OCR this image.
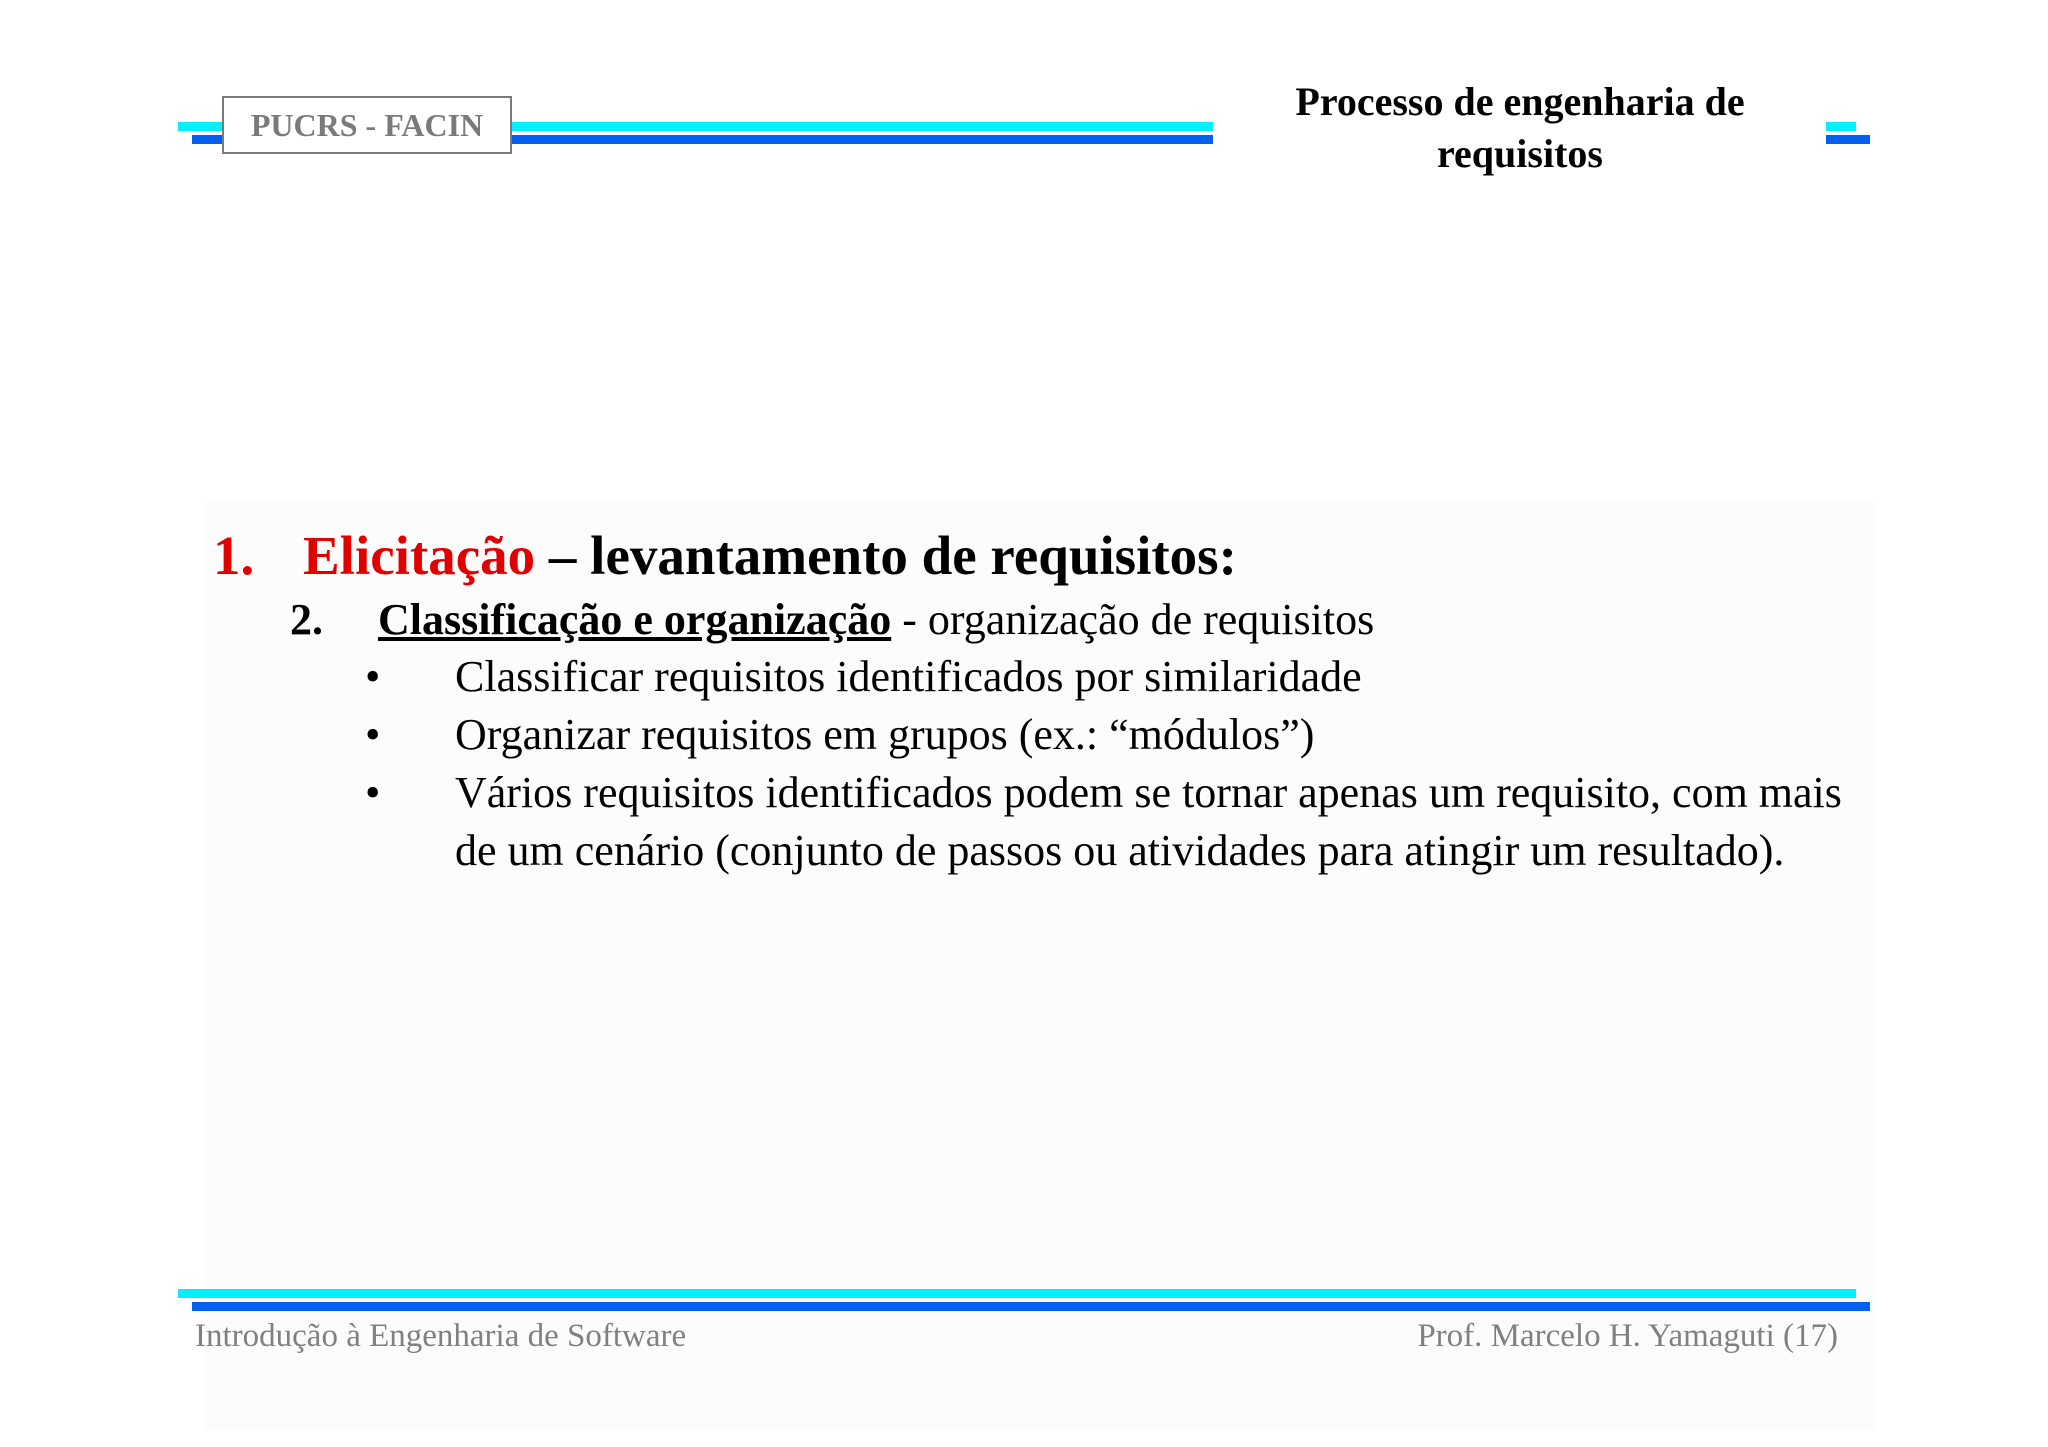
PUCRS - FACIN
Processo de engenharia de
requisitos
1. Elicitação – levantamento de requisitos:
2. Classificação e organização - organização de requisitos
• Classificar requisitos identificados por similaridade
• Organizar requisitos em grupos (ex.: “módulos”)
• Vários requisitos identificados podem se tornar apenas um requisito, com mais de um cenário (conjunto de passos ou atividades para atingir um resultado).
Introdução à Engenharia de Software	Prof. Marcelo H. Yamaguti (17)
